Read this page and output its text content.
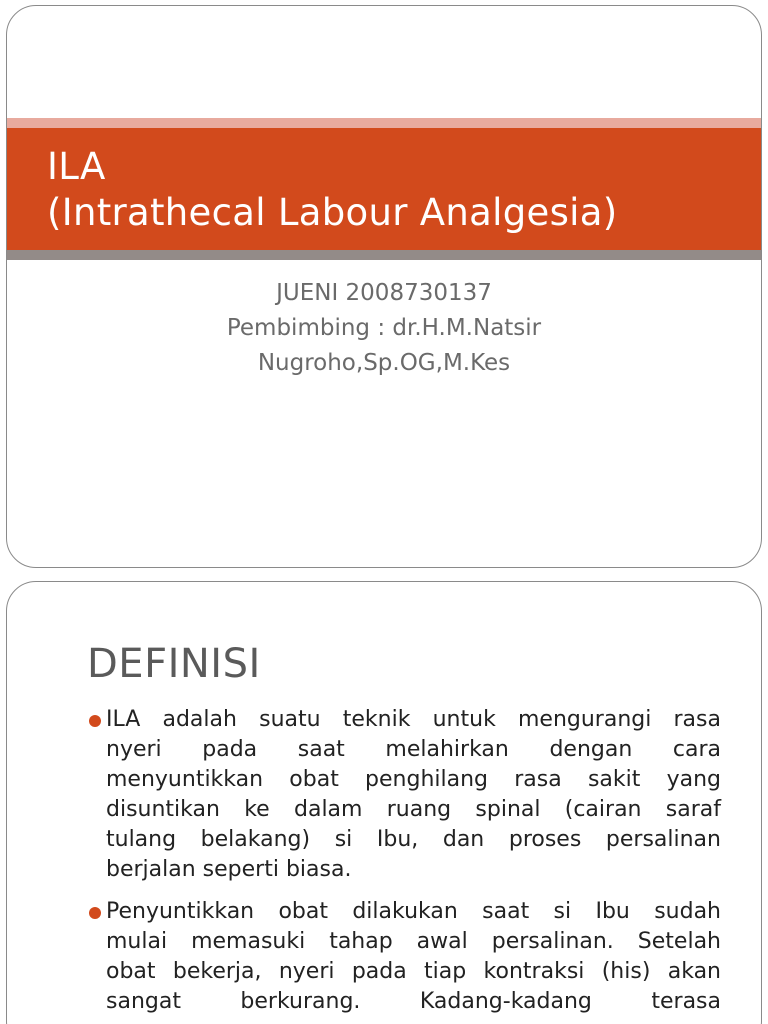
ILA
(Intrathecal Labour Analgesia)
JUENI 2008730137
Pembimbing : dr.H.M.Natsir
Nugroho,Sp.OG,M.Kes
DEFINISI
ILA adalah suatu teknik untuk mengurangi rasa
nyeri pada saat melahirkan dengan cara
menyuntikkan obat penghilang rasa sakit yang
disuntikan ke dalam ruang spinal (cairan saraf
tulang belakang) si Ibu, dan proses persalinan
berjalan seperti biasa.
Penyuntikkan obat dilakukan saat si Ibu sudah
mulai memasuki tahap awal persalinan. Setelah
obat bekerja, nyeri pada tiap kontraksi (his) akan
sangat berkurang. Kadang-kadang terasa
